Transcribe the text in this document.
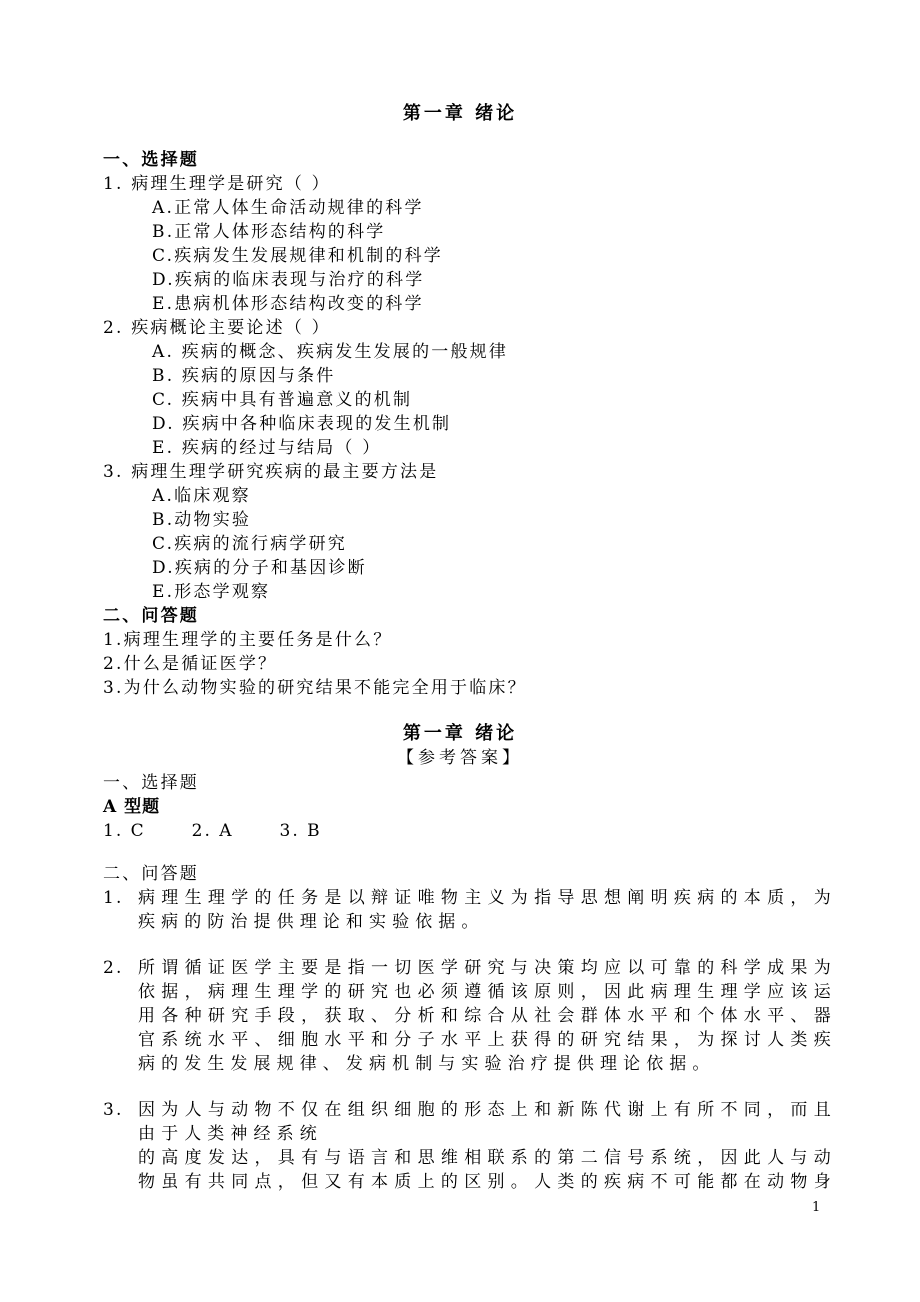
第一章 绪论
一、选择题
1. 病理生理学是研究（ ）
A.正常人体生命活动规律的科学
B.正常人体形态结构的科学
C.疾病发生发展规律和机制的科学
D.疾病的临床表现与治疗的科学
E.患病机体形态结构改变的科学
2. 疾病概论主要论述（ ）
A. 疾病的概念、疾病发生发展的一般规律
B. 疾病的原因与条件
C. 疾病中具有普遍意义的机制
D. 疾病中各种临床表现的发生机制
E. 疾病的经过与结局（ ）
3. 病理生理学研究疾病的最主要方法是
A.临床观察
B.动物实验
C.疾病的流行病学研究
D.疾病的分子和基因诊断
E.形态学观察
二、问答题
1.病理生理学的主要任务是什么？
2.什么是循证医学？
3.为什么动物实验的研究结果不能完全用于临床？
第一章 绪论
【参考答案】
一、选择题
A 型题
1. C	2. A	3. B
二、问答题
1. 病理生理学的任务是以辩证唯物主义为指导思想阐明疾病的本质，为
疾病的防治提供理论和实验依据。
2. 所谓循证医学主要是指一切医学研究与决策均应以可靠的科学成果为
依据，病理生理学的研究也必须遵循该原则，因此病理生理学应该运
用各种研究手段，获取、分析和综合从社会群体水平和个体水平、器
官系统水平、细胞水平和分子水平上获得的研究结果，为探讨人类疾
病的发生发展规律、发病机制与实验治疗提供理论依据。
3. 因为人与动物不仅在组织细胞的形态上和新陈代谢上有所不同，而且
由于人类神经系统
的高度发达，具有与语言和思维相联系的第二信号系统，因此人与动
物虽有共同点，但又有本质上的区别。人类的疾病不可能都在动物身
1
